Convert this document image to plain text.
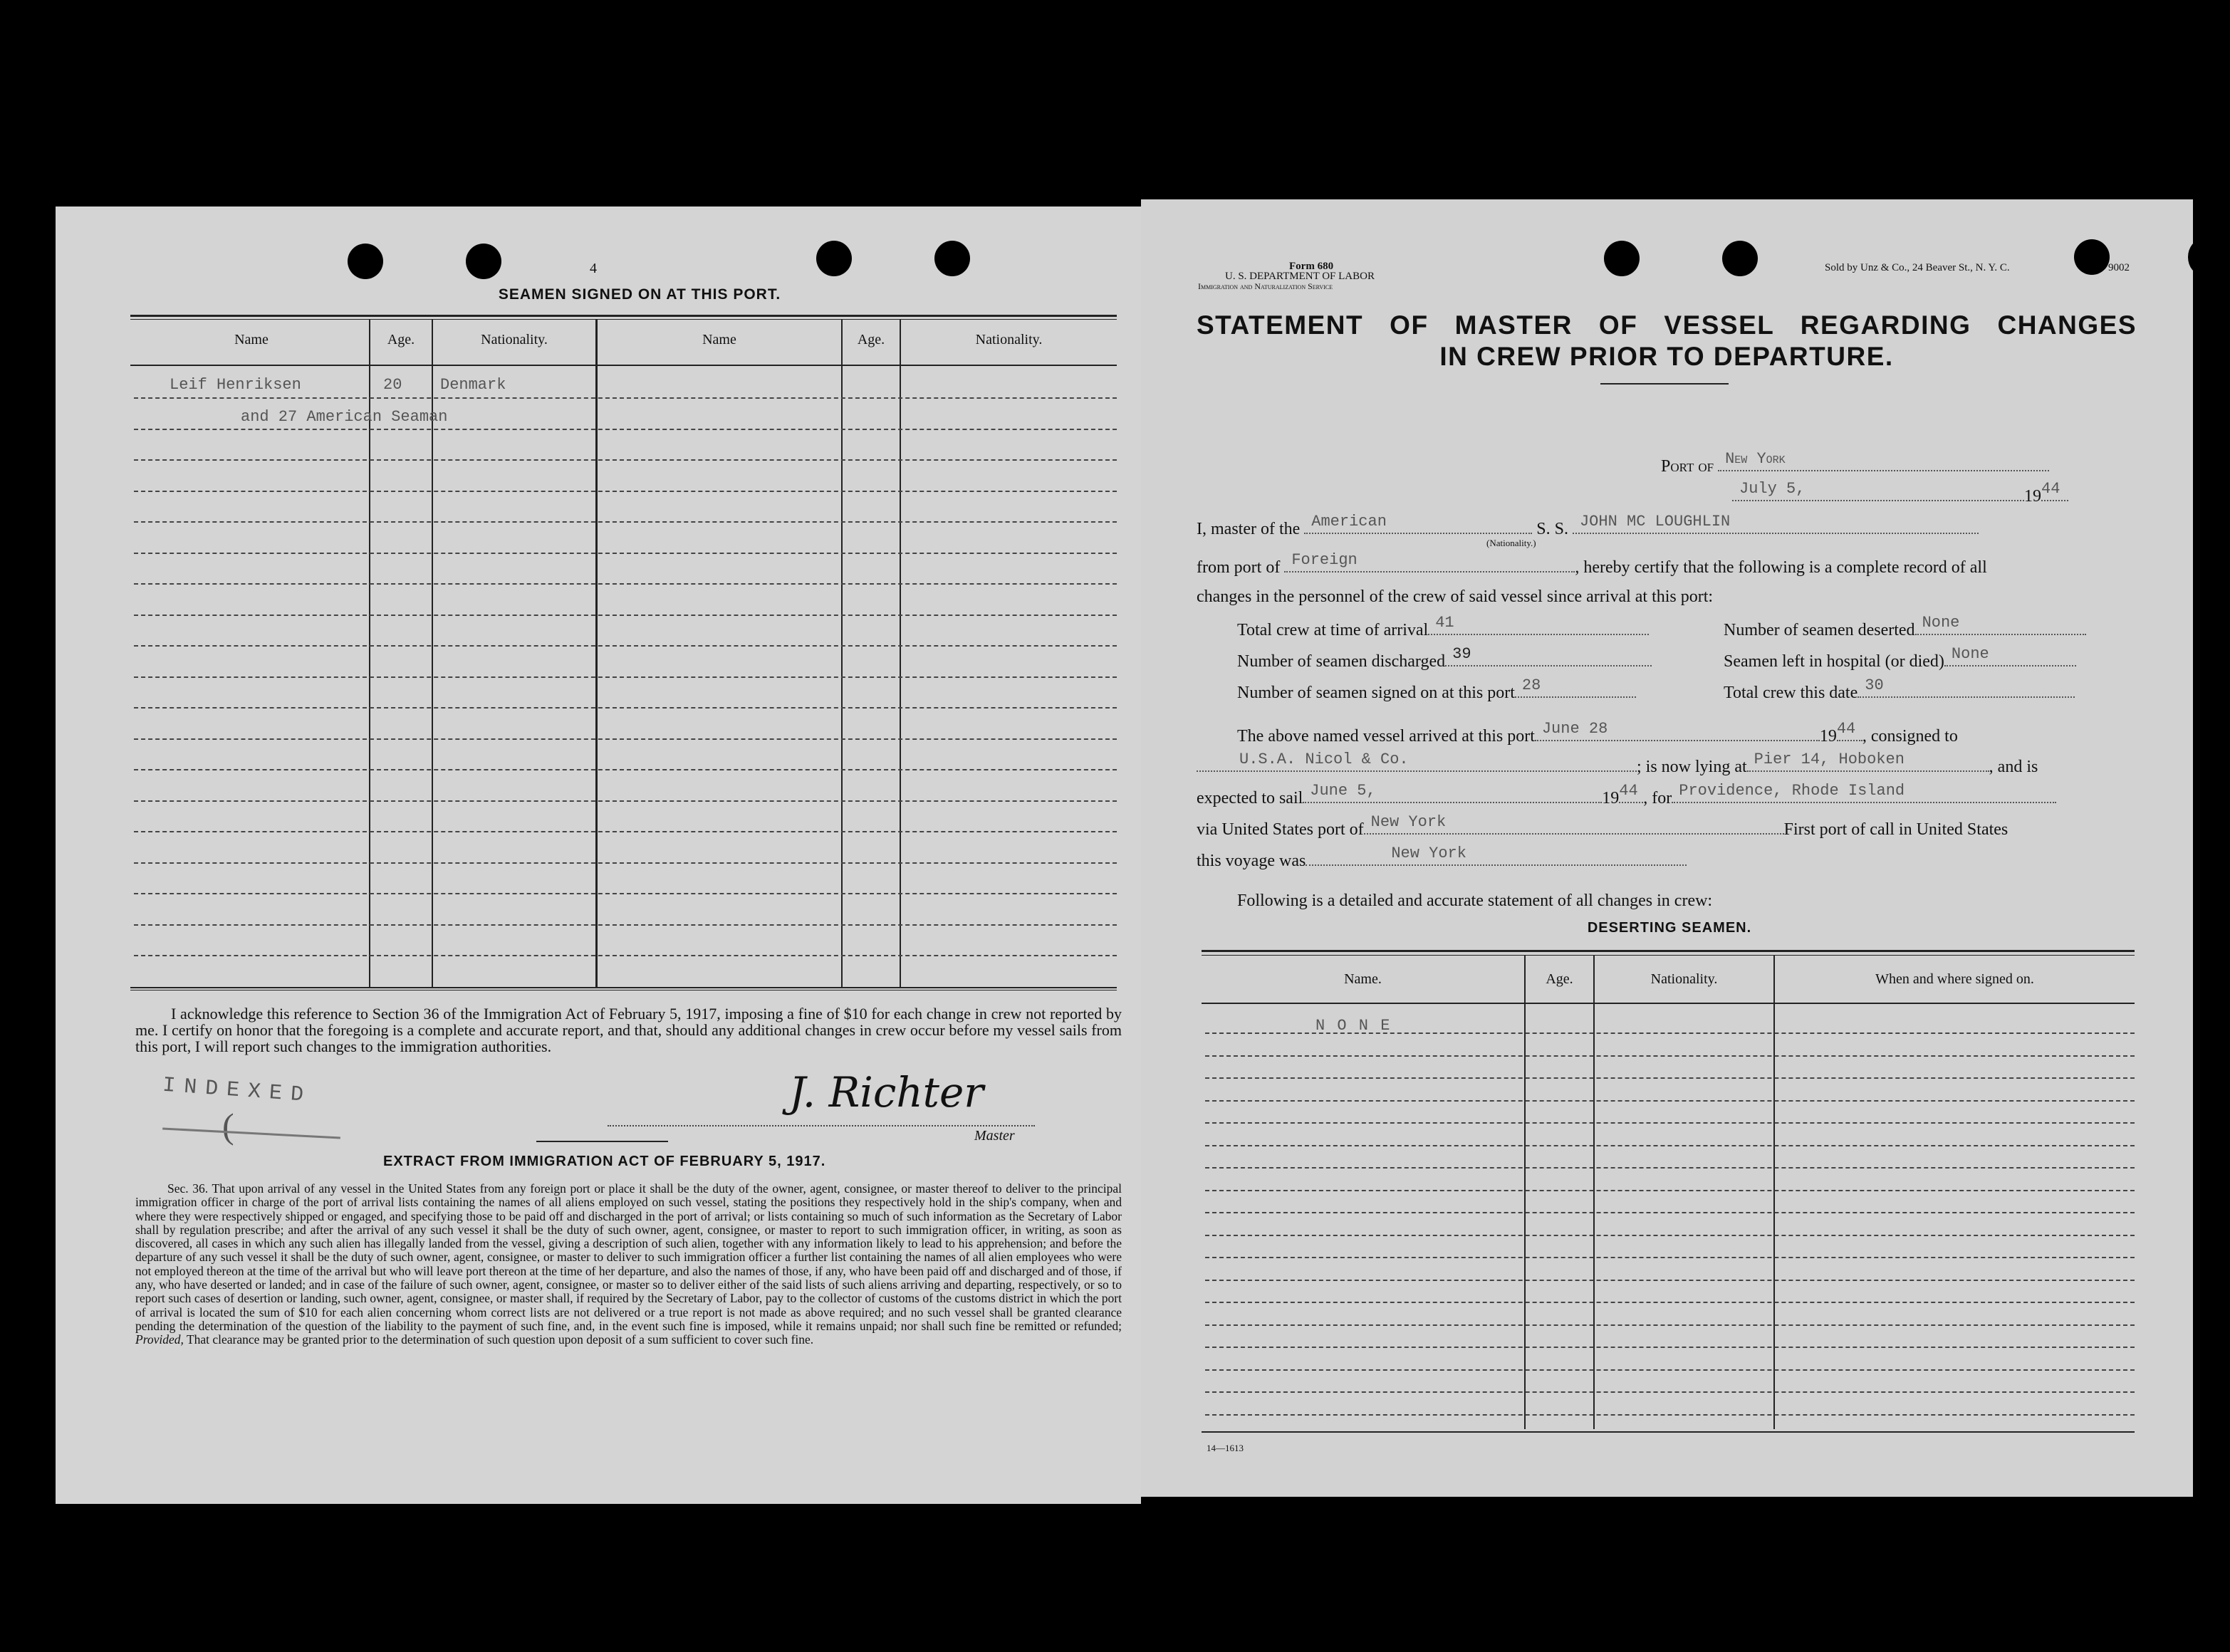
4
SEAMEN SIGNED ON AT THIS PORT.
Name	Age.	Nationality.	Name	Age.	Nationality.
Leif Henriksen	20 Denmark
and 27 American Seaman
I acknowledge this reference to Section 36 of the Immigration Act of February 5, 1917, imposing a fine of $10 for each change in crew not reported by me. I certify on honor that the foregoing is a complete and accurate report, and that, should any additional changes in crew occur before my vessel sails from this port, I will report such changes to the immigration authorities.
INDEXED
(
J. Richter
Master
EXTRACT FROM IMMIGRATION ACT OF FEBRUARY 5, 1917.
Sec. 36. That upon arrival of any vessel in the United States from any foreign port or place it shall be the duty of the owner, agent, consignee, or master thereof to deliver to the principal immigration officer in charge of the port of arrival lists containing the names of all aliens employed on such vessel, stating the positions they respectively hold in the ship's company, when and where they were respectively shipped or engaged, and specifying those to be paid off and discharged in the port of arrival; or lists containing so much of such information as the Secretary of Labor shall by regulation prescribe; and after the arrival of any such vessel it shall be the duty of such owner, agent, consignee, or master to report to such immigration officer, in writing, as soon as discovered, all cases in which any such alien has illegally landed from the vessel, giving a description of such alien, together with any information likely to lead to his apprehension; and before the departure of any such vessel it shall be the duty of such owner, agent, consignee, or master to deliver to such immigration officer a further list containing the names of all alien employees who were not employed thereon at the time of the arrival but who will leave port thereon at the time of her departure, and also the names of those, if any, who have been paid off and discharged and of those, if any, who have deserted or landed; and in case of the failure of such owner, agent, consignee, or master so to deliver either of the said lists of such aliens arriving and departing, respectively, or so to report such cases of desertion or landing, such owner, agent, consignee, or master shall, if required by the Secretary of Labor, pay to the collector of customs of the customs district in which the port of arrival is located the sum of $10 for each alien concerning whom correct lists are not delivered or a true report is not made as above required; and no such vessel shall be granted clearance pending the determination of the question of the liability to the payment of such fine, and, in the event such fine is imposed, while it remains unpaid; nor shall such fine be remitted or refunded; Provided, That clearance may be granted prior to the determination of such question upon deposit of a sum sufficient to cover such fine.
Form 680
U. S. DEPARTMENT OF LABOR
Immigration and Naturalization Service
Sold by Unz & Co., 24 Beaver St., N. Y. C.	9002
STATEMENT OF MASTER OF VESSEL REGARDING CHANGES
IN CREW PRIOR TO DEPARTURE.
Port of New York
July 5,	19 44
I, master of the American	S. S. JOHN MC LOUGHLIN
(Nationality.)
from port of Foreign	, hereby certify that the following is a complete record of all
changes in the personnel of the crew of said vessel since arrival at this port:
Total crew at time of arrival 41	Number of seamen deserted None
Number of seamen discharged 39	Seamen left in hospital (or died) None
Number of seamen signed on at this port 28	Total crew this date 30
The above named vessel arrived at this port June 28	19 44 , consigned to
U.S.A. Nicol & Co.	; is now lying at Pier 14, Hoboken	, and is
expected to sail June 5,	19 44 , for Providence, Rhode Island
via United States port of New York	First port of call in United States
this voyage was	New York
Following is a detailed and accurate statement of all changes in crew:
DESERTING SEAMEN.
Name.	Age.	Nationality.	When and where signed on.
N O N E
14—1613
